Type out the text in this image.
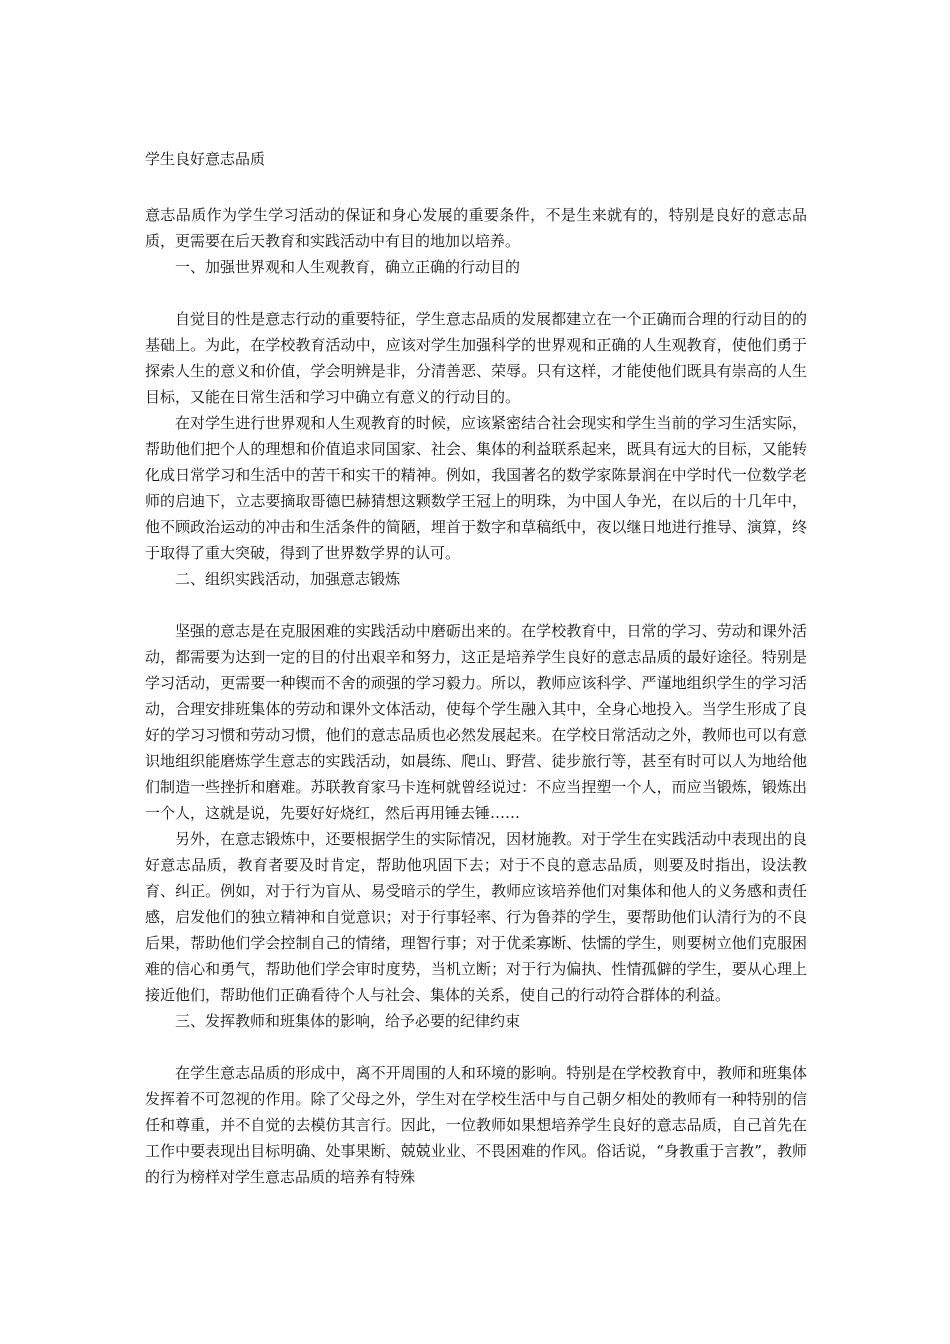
学生良好意志品质

意志品质作为学生学习活动的保证和身心发展的重要条件，不是生来就有的，特别是良好的意志品质，更需要在后天教育和实践活动中有目的地加以培养。

一、加强世界观和人生观教育，确立正确的行动目的

自觉目的性是意志行动的重要特征，学生意志品质的发展都建立在一个正确而合理的行动目的的基础上。为此，在学校教育活动中，应该对学生加强科学的世界观和正确的人生观教育，使他们勇于探索人生的意义和价值，学会明辨是非，分清善恶、荣辱。只有这样，才能使他们既具有崇高的人生目标，又能在日常生活和学习中确立有意义的行动目的。

在对学生进行世界观和人生观教育的时候，应该紧密结合社会现实和学生当前的学习生活实际，帮助他们把个人的理想和价值追求同国家、社会、集体的利益联系起来，既具有远大的目标，又能转化成日常学习和生活中的苦干和实干的精神。例如，我国著名的数学家陈景润在中学时代一位数学老师的启迪下，立志要摘取哥德巴赫猜想这颗数学王冠上的明珠，为中国人争光，在以后的十几年中，他不顾政治运动的冲击和生活条件的简陋，埋首于数字和草稿纸中，夜以继日地进行推导、演算，终于取得了重大突破，得到了世界数学界的认可。

二、组织实践活动，加强意志锻炼

坚强的意志是在克服困难的实践活动中磨砺出来的。在学校教育中，日常的学习、劳动和课外活动，都需要为达到一定的目的付出艰辛和努力，这正是培养学生良好的意志品质的最好途径。特别是学习活动，更需要一种锲而不舍的顽强的学习毅力。所以，教师应该科学、严谨地组织学生的学习活动，合理安排班集体的劳动和课外文体活动，使每个学生融入其中，全身心地投入。当学生形成了良好的学习习惯和劳动习惯，他们的意志品质也必然发展起来。在学校日常活动之外，教师也可以有意识地组织能磨炼学生意志的实践活动，如晨练、爬山、野营、徒步旅行等，甚至有时可以人为地给他们制造一些挫折和磨难。苏联教育家马卡连柯就曾经说过：不应当捏塑一个人，而应当锻炼，锻炼出一个人，这就是说，先要好好烧红，然后再用锤去锤……

另外，在意志锻炼中，还要根据学生的实际情况，因材施教。对于学生在实践活动中表现出的良好意志品质，教育者要及时肯定，帮助他巩固下去；对于不良的意志品质，则要及时指出，设法教育、纠正。例如，对于行为盲从、易受暗示的学生，教师应该培养他们对集体和他人的义务感和责任感，启发他们的独立精神和自觉意识；对于行事轻率、行为鲁莽的学生，要帮助他们认清行为的不良后果，帮助他们学会控制自己的情绪，理智行事；对于优柔寡断、怯懦的学生，则要树立他们克服困难的信心和勇气，帮助他们学会审时度势，当机立断；对于行为偏执、性情孤僻的学生，要从心理上接近他们，帮助他们正确看待个人与社会、集体的关系，使自己的行动符合群体的利益。

三、发挥教师和班集体的影响，给予必要的纪律约束

在学生意志品质的形成中，离不开周围的人和环境的影响。特别是在学校教育中，教师和班集体发挥着不可忽视的作用。除了父母之外，学生对在学校生活中与自己朝夕相处的教师有一种特别的信任和尊重，并不自觉的去模仿其言行。因此，一位教师如果想培养学生良好的意志品质，自己首先在工作中要表现出目标明确、处事果断、兢兢业业、不畏困难的作风。俗话说，“身教重于言教”，教师的行为榜样对学生意志品质的培养有特殊
